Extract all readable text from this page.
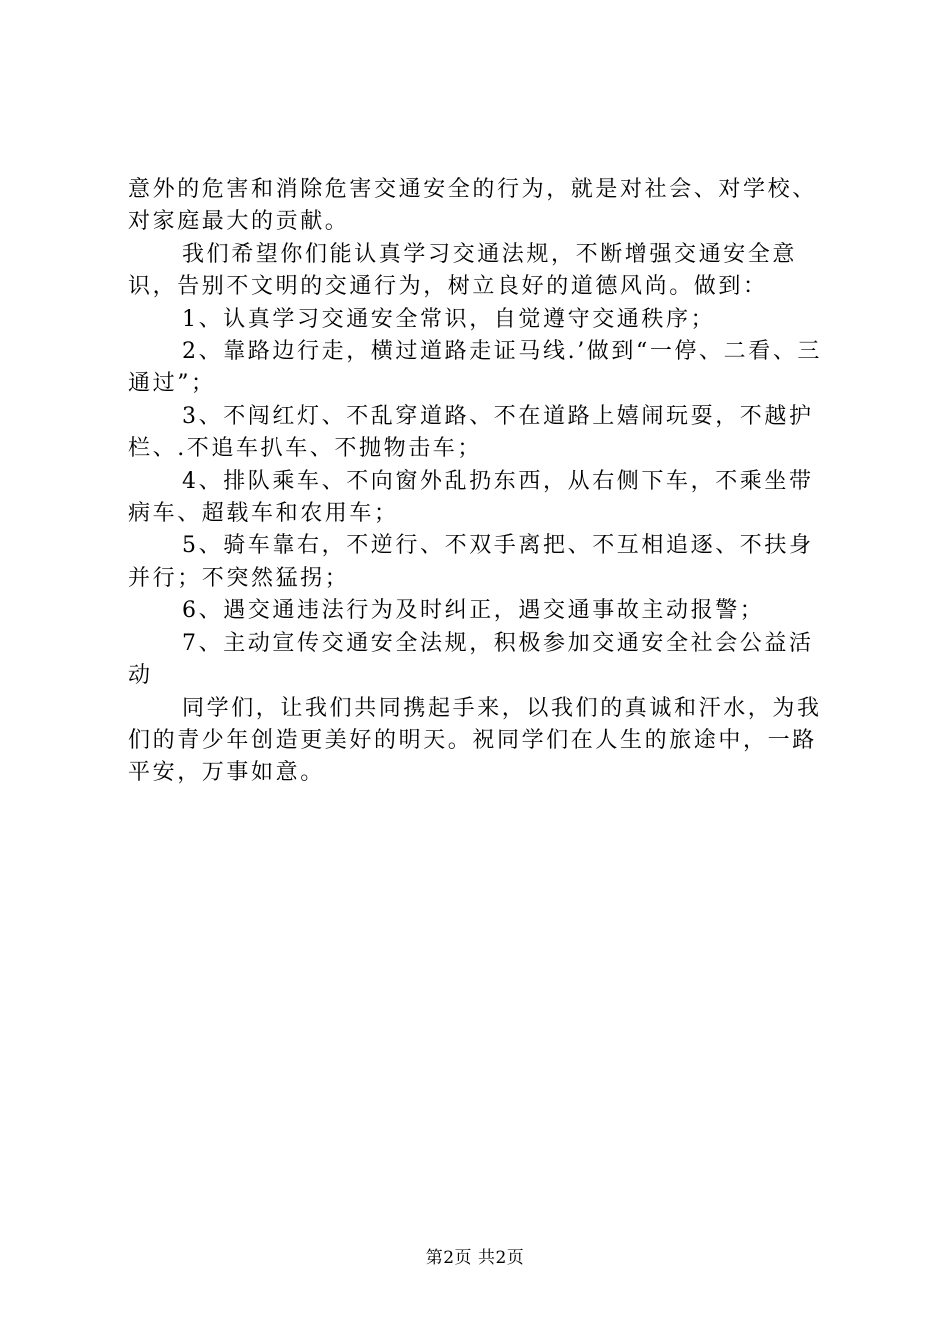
意外的危害和消除危害交通安全的行为，就是对社会、对学校、对家庭最大的贡献。

我们希望你们能认真学习交通法规，不断增强交通安全意识，告别不文明的交通行为，树立良好的道德风尚。做到：

1、认真学习交通安全常识，自觉遵守交通秩序；

2、靠路边行走，横过道路走证马线.’做到“一停、二看、三通过”；

3、不闯红灯、不乱穿道路、不在道路上嬉闹玩耍，不越护栏、.不追车扒车、不抛物击车；

4、排队乘车、不向窗外乱扔东西，从右侧下车，不乘坐带病车、超载车和农用车；

5、骑车靠右，不逆行、不双手离把、不互相追逐、不扶身并行；不突然猛拐；

6、遇交通违法行为及时纠正，遇交通事故主动报警；

7、主动宣传交通安全法规，积极参加交通安全社会公益活动

同学们，让我们共同携起手来，以我们的真诚和汗水，为我们的青少年创造更美好的明天。祝同学们在人生的旅途中，一路平安，万事如意。

第2页 共2页
